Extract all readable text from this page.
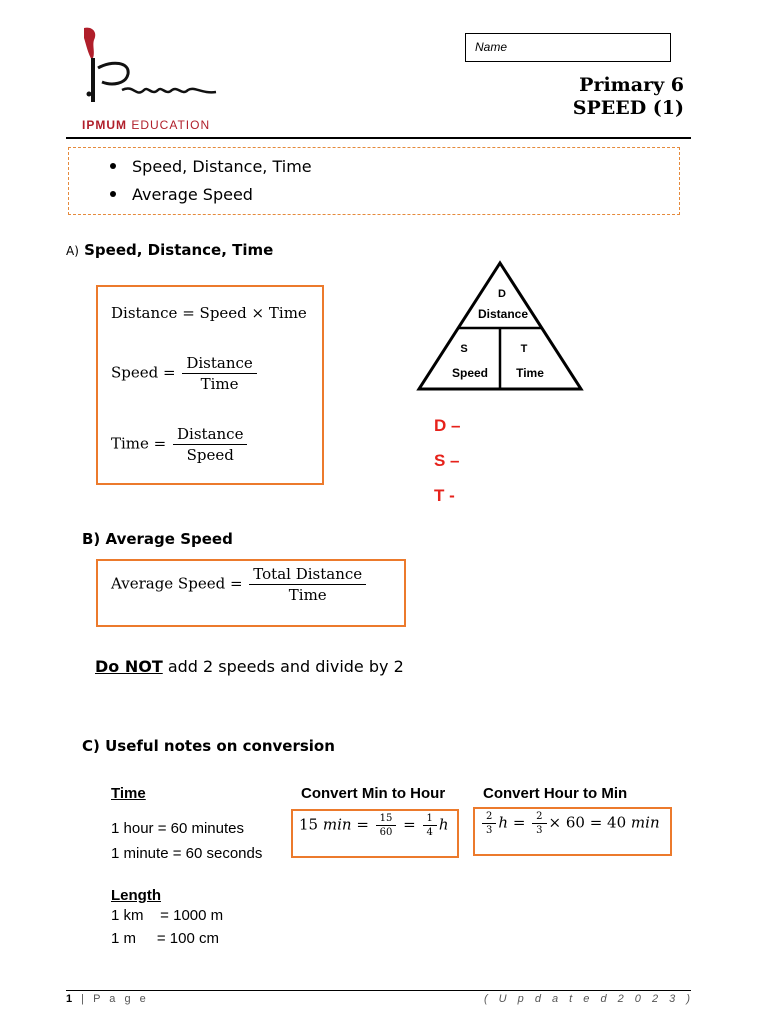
IPMUM EDUCATION
Name
Primary 6
SPEED (1)
Speed, Distance, Time
Average Speed
A) Speed, Distance, Time
Distance = Speed × Time
Speed = $\frac{\text{Distance}}{\text{Time}}$
Time = $\frac{\text{Distance}}{\text{Speed}}$
D
Distance
S
Speed
T
Time
D –
S –
T -
B) Average Speed
Average Speed = $\frac{\text{Total Distance}}{\text{Time}}$
Do NOT add 2 speeds and divide by 2
C) Useful notes on conversion
Time
1 hour = 60 minutes
1 minute = 60 seconds
Convert Min to Hour
15 $\min = \frac{15}{60} = \frac{1}{4}$ h
Convert Hour to Min
$\frac{2}{3}$ $h = \frac{2}{3} \times 60 = 40$ min
Length
1 km    = 1000 m
1 m     = 100 cm
1 | P a g e	( U p d a t e d 2 0 2 3 )
